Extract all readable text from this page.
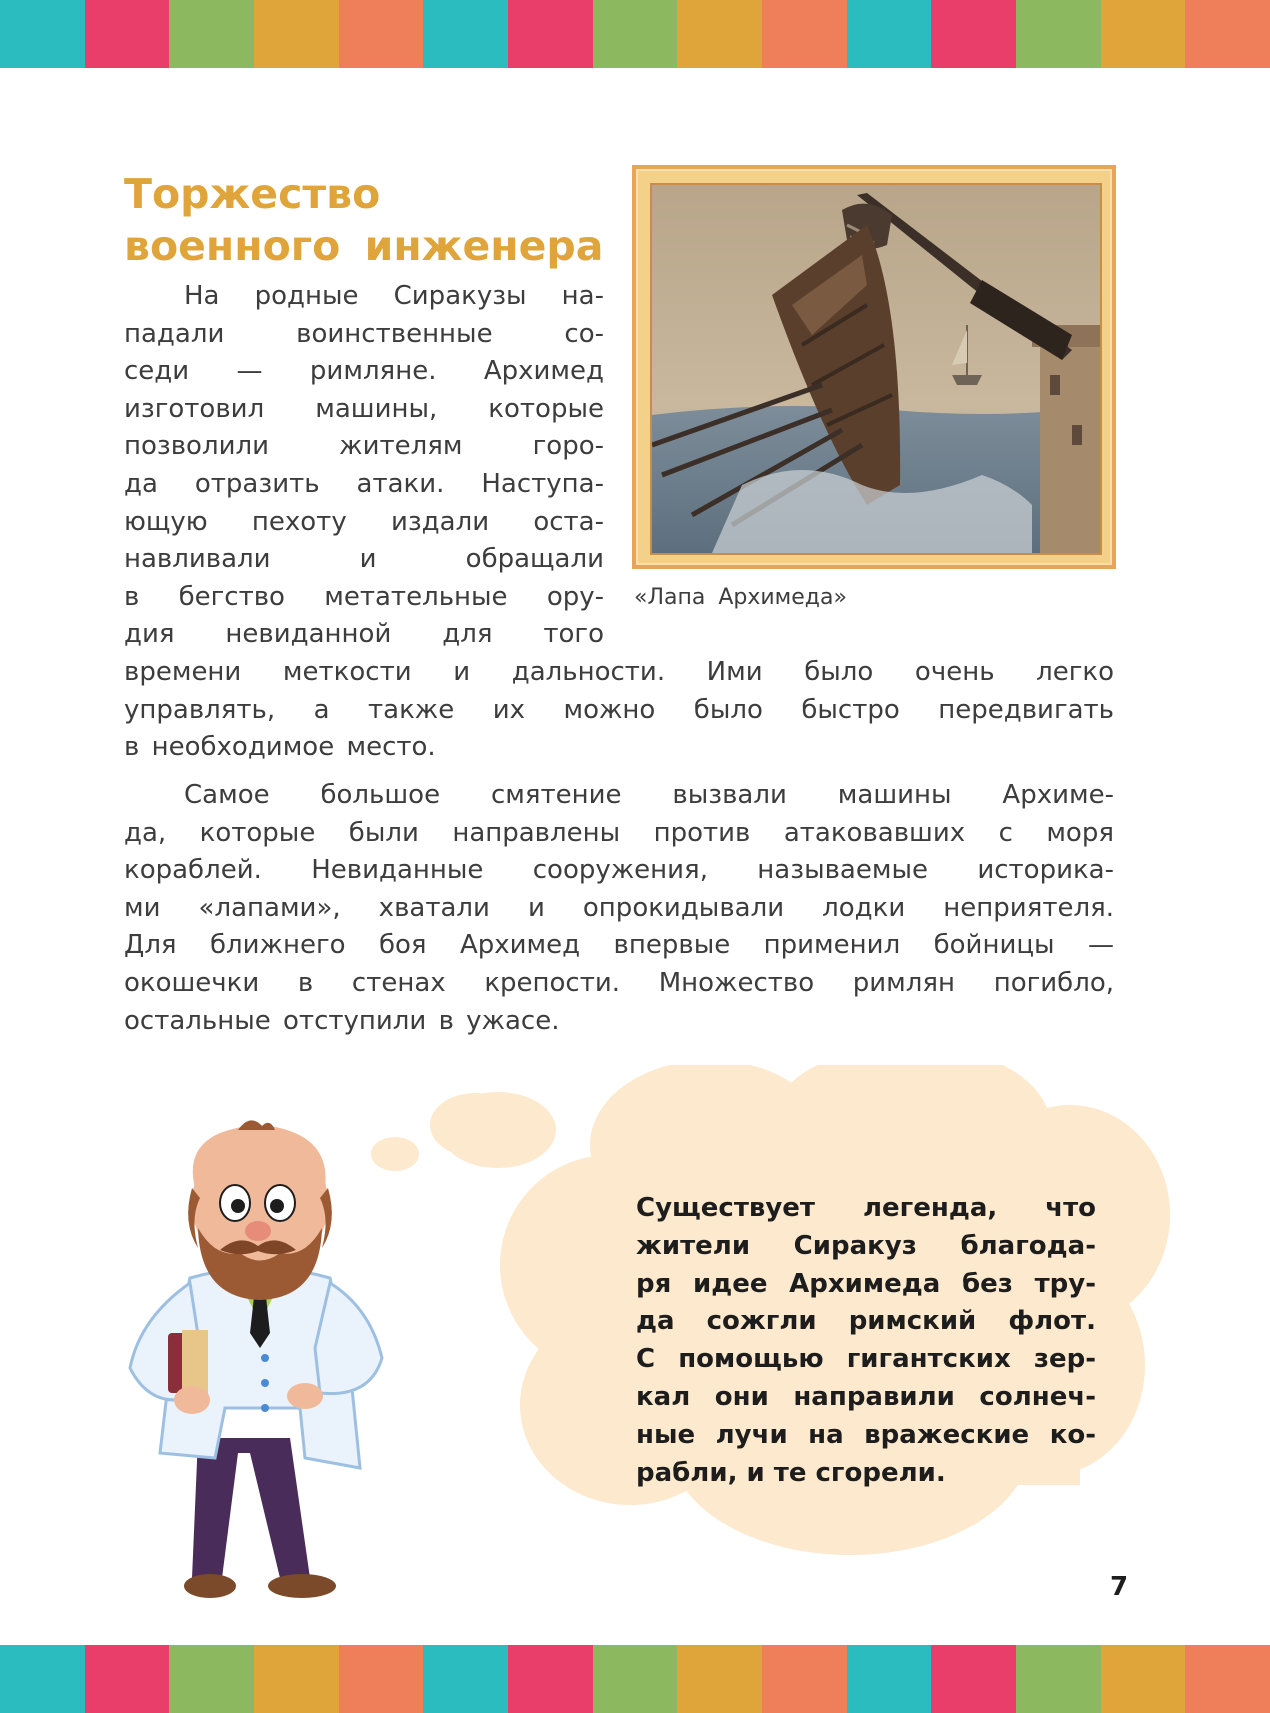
Торжество
военного инженера
На родные Сиракузы на-
падали воинственные со-
седи — римляне. Архимед
изготовил машины, которые
позволили жителям горо-
да отразить атаки. Наступа-
ющую пехоту издали оста-
навливали и обращали
в бегство метательные ору-
дия невиданной для того
времени меткости и дальности. Ими было очень легко
управлять, а также их можно было быстро передвигать
в необходимое место.
Самое большое смятение вызвали машины Архиме-
да, которые были направлены против атаковавших с моря
кораблей. Невиданные сооружения, называемые историка-
ми «лапами», хватали и опрокидывали лодки неприятеля.
Для ближнего боя Архимед впервые применил бойницы —
окошечки в стенах крепости. Множество римлян погибло,
остальные отступили в ужасе.

«Лапа Архимеда»

Существует легенда, что
жители Сиракуз благода-
ря идее Архимеда без тру-
да сожгли римский флот.
С помощью гигантских зер-
кал они направили солнеч-
ные лучи на вражеские ко-
рабли, и те сгорели.
7
